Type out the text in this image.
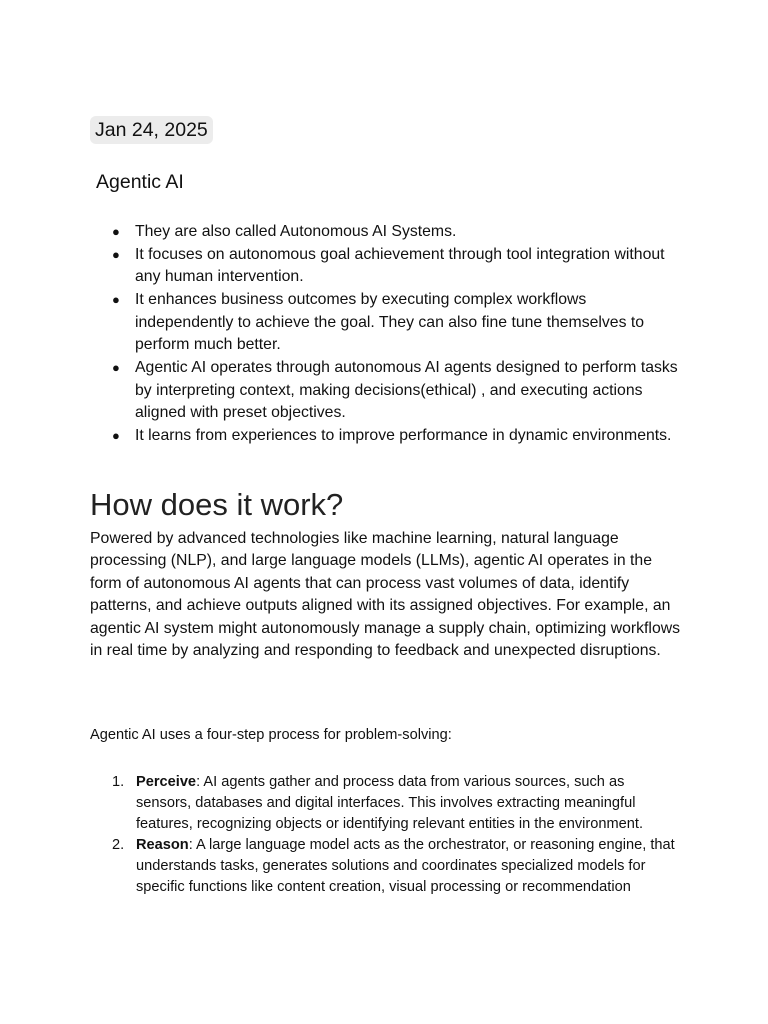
Jan 24, 2025
Agentic AI
● They are also called Autonomous AI Systems.
● It focuses on autonomous goal achievement through tool integration without any human intervention.
● It enhances business outcomes by executing complex workflows independently to achieve the goal. They can also fine tune themselves to perform much better.
● Agentic AI operates through autonomous AI agents designed to perform tasks by interpreting context, making decisions(ethical) , and executing actions aligned with preset objectives.
● It learns from experiences to improve performance in dynamic environments.
How does it work?

Powered by advanced technologies like machine learning, natural language processing (NLP), and large language models (LLMs), agentic AI operates in the form of autonomous AI agents that can process vast volumes of data, identify patterns, and achieve outputs aligned with its assigned objectives. For example, an agentic AI system might autonomously manage a supply chain, optimizing workflows in real time by analyzing and responding to feedback and unexpected disruptions.

Agentic AI uses a four-step process for problem-solving:

1. Perceive: AI agents gather and process data from various sources, such as sensors, databases and digital interfaces. This involves extracting meaningful features, recognizing objects or identifying relevant entities in the environment.
2. Reason: A large language model acts as the orchestrator, or reasoning engine, that understands tasks, generates solutions and coordinates specialized models for specific functions like content creation, visual processing or recommendation
